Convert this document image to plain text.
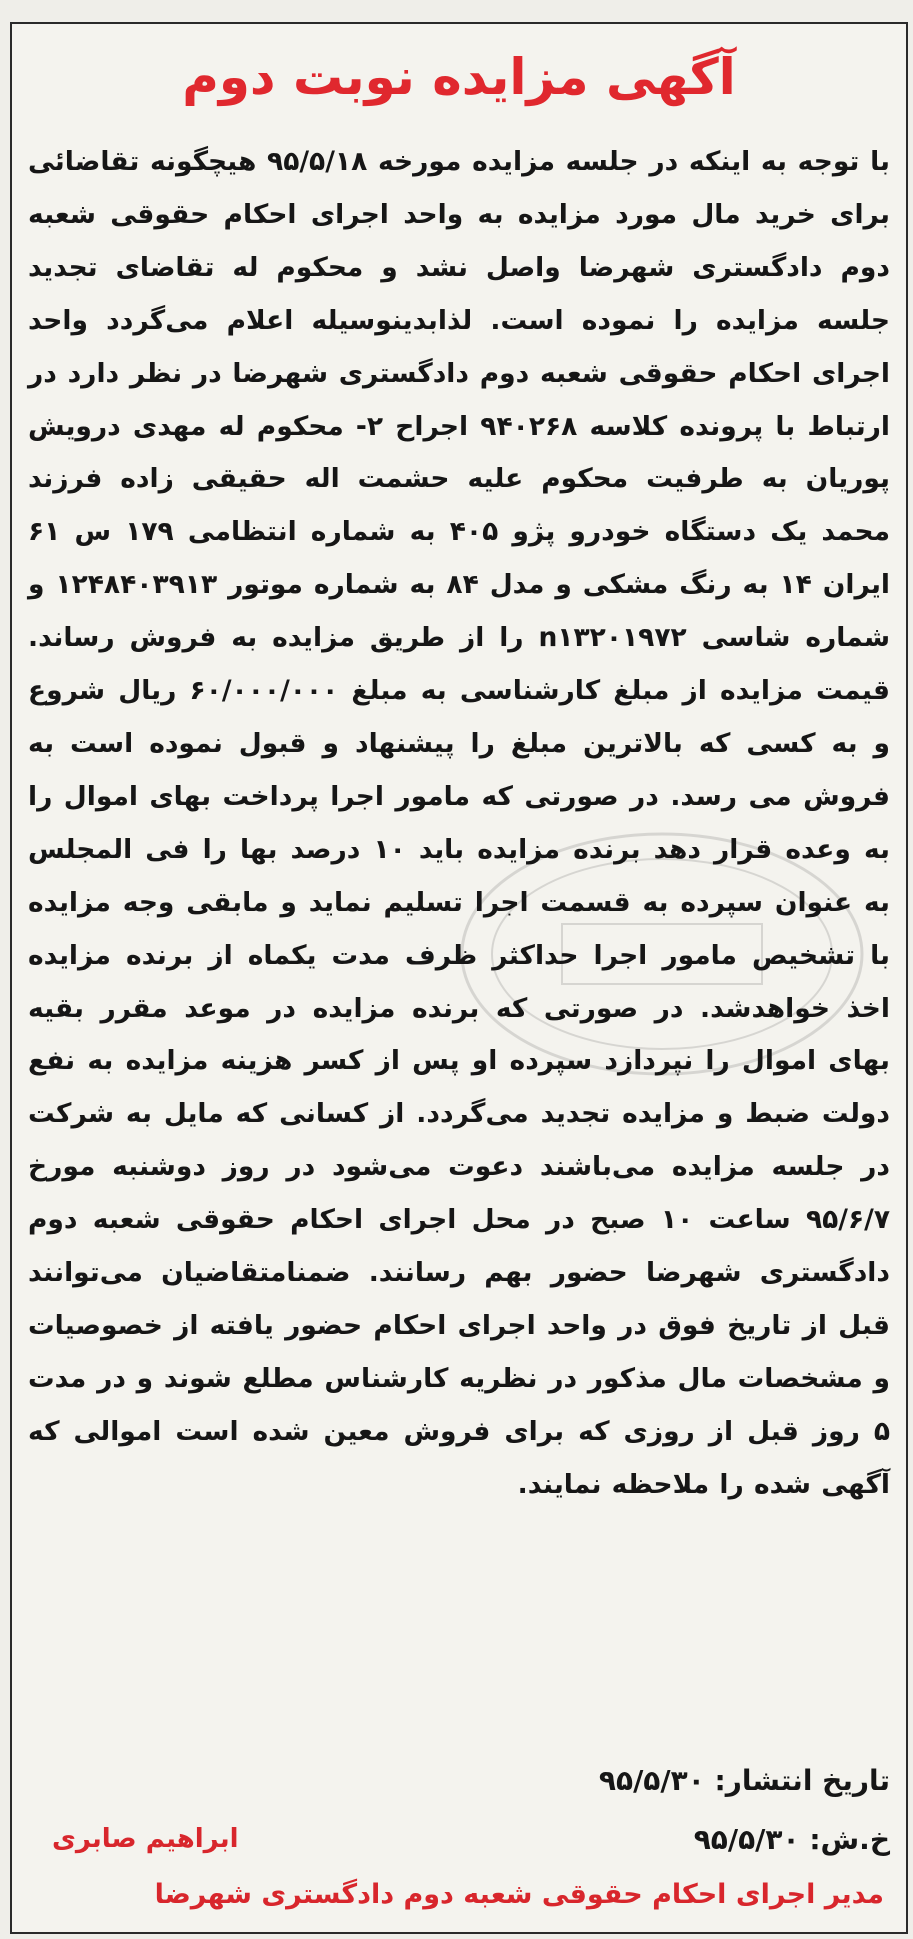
آگهی مزایده نوبت دوم
با توجه به اینکه در جلسه مزایده مورخه ۹۵/۵/۱۸ هیچگونه تقاضائی برای خرید مال مورد مزایده به واحد اجرای احکام حقوقی شعبه دوم دادگستری شهرضا واصل نشد و محکوم له تقاضای تجدید جلسه مزایده را نموده است. لذابدینوسیله اعلام می‌گردد واحد اجرای احکام حقوقی شعبه دوم دادگستری شهرضا در نظر دارد در ارتباط با پرونده کلاسه ۹۴۰۲۶۸ اجراح ۲- محکوم له مهدی درویش پوریان به طرفیت محکوم علیه حشمت اله حقیقی زاده فرزند محمد یک دستگاه خودرو پژو ۴۰۵ به شماره انتظامی ۱۷۹ س ۶۱ ایران ۱۴ به رنگ مشکی و مدل ۸۴ به شماره موتور ۱۲۴۸۴۰۳۹۱۳ و شماره شاسی n۱۳۲۰۱۹۷۲ را از طریق مزایده به فروش رساند. قیمت مزایده از مبلغ کارشناسی به مبلغ ۶۰/۰۰۰/۰۰۰ ریال شروع و به کسی که بالاترین مبلغ را پیشنهاد و قبول نموده است به فروش می رسد. در صورتی که مامور اجرا پرداخت بهای اموال را به وعده قرار دهد برنده مزایده باید ۱۰ درصد بها را فی المجلس به عنوان سپرده به قسمت اجرا تسلیم نماید و مابقی وجه مزایده با تشخیص مامور اجرا حداکثر ظرف مدت یکماه از برنده مزایده اخذ خواهدشد. در صورتی که برنده مزایده در موعد مقرر بقیه بهای اموال را نپردازد سپرده او پس از کسر هزینه مزایده به نفع دولت ضبط و مزایده تجدید می‌گردد. از کسانی که مایل به شرکت در جلسه مزایده می‌باشند دعوت می‌شود در روز دوشنبه مورخ ۹۵/۶/۷ ساعت ۱۰ صبح در محل اجرای احکام حقوقی شعبه دوم دادگستری شهرضا حضور بهم رسانند. ضمنامتقاضیان می‌توانند قبل از تاریخ فوق در واحد اجرای احکام حضور یافته از خصوصیات و مشخصات مال مذکور در نظریه کارشناس مطلع شوند و در مدت ۵ روز قبل از روزی که برای فروش معین شده است اموالی که آگهی شده را ملاحظه نمایند.
تاریخ انتشار: ۹۵/۵/۳۰
خ.ش: ۹۵/۵/۳۰
ابراهیم صابری
مدیر اجرای احکام حقوقی شعبه دوم دادگستری شهرضا
